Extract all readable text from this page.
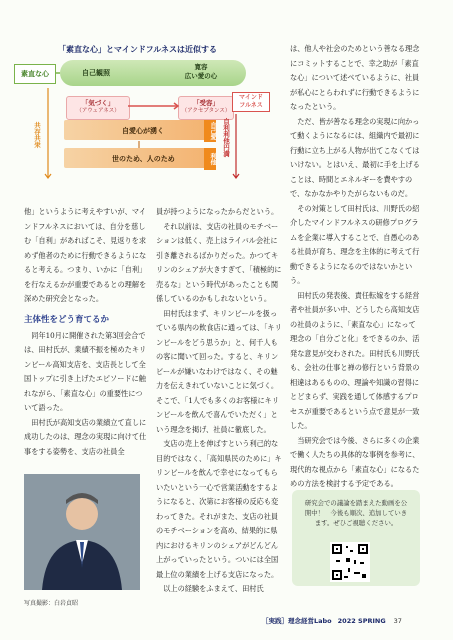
「素直な心」とマインドフルネスは近似する
素直な心	自己観照
寛容
広い愛の心
「気づく」
（アウェアネス）
「受容」
（アクセプタンス）
マインド
フルネス
自愛心が湧く	自己愛
世のため、人のため	利他
共存共栄	自利利他円満

は、他人や社会のためという善なる理念にコミットすることで、幸之助が「素直な心」について述べているように、社員が私心にとらわれずに行動できるようになったという。

ただ、皆が善なる理念の実現に向かって動くようになるには、組織内で最初に行動に立ち上がる人物が出てこなくてはいけない。とはいえ、最初に手を上げることは、時間とエネルギーを費やすので、なかなかやりたがらないものだ。

その対策として田村氏は、川野氏の紹介したマインドフルネスの研修プログラムを企業に導入することで、自愚心のある社員が育ち、理念を主体的に考えて行動できるようになるのではないかという。

田村氏の発表後、責任転嫁をする経営者や社員が多い中、どうしたら高知支店の社員のように、「素直な心」になって理念の「自分ごと化」をできるのか、活発な意見が交わされた。田村氏も川野氏も、会社の仕事と禅の修行という背景の相違はあるものの、理論や知識の習得にとどまらず、実践を通して体感するプロセスが重要であるという点で意見が一致した。

当研究会では今後、さらに多くの企業で働く人たちの具体的な事例を参考に、現代的な視点から「素直な心」になるための方法を検討する予定である。

他」というように考えやすいが、マインドフルネスにおいては、自分を慈しむ「自利」があればこそ、見返りを求めず他者のために行動できるようになると考える。つまり、いかに「自利」を行なえるかが重要であるとの理解を深めた研究会となった。

主体性をどう育てるか

同年10月に開催された第3回会合では、田村氏が、業績不振を極めたキリンビール高知支店を、支店長として全国トップに引き上げたエピソードに触れながら、「素直な心」の重要性について語った。

田村氏が高知支店の業績立て直しに成功したのは、理念の実現に向けて仕事をする姿勢を、支店の社員全

員が持つようになったからだという。

それ以前は、支店の社員のモチベーションは低く、売上はライバル会社に引き離されるばかりだった。かつてキリンのシェアが大きすぎて、「積極的に売るな」という時代があったことも関係しているのかもしれないという。

田村氏はまず、キリンビールを扱っている県内の飲食店に通っては、「キリンビールをどう思うか」と、何千人もの客に聞いて回った。すると、キリンビールが嫌いなわけではなく、その魅力を伝えきれていないことに気づく。そこで、「1人でも多くのお客様にキリンビールを飲んで喜んでいただく」という理念を掲げ、社員に徹底した。

支店の売上を伸ばすという利己的な目的ではなく、「高知県民のために」キリンビールを飲んで幸せになってもらいたいという一心で営業活動をするようになると、次第にお客様の反応も変わってきた。それがまた、支店の社員のモチベーションを高め、結果的に県内におけるキリンのシェアがどんどん上がっていったという。ついには全国最上位の業績を上げる支店になった。

以上の経験をふまえて、田村氏

写真撮影：白岩貞昭
研究会での議論を踏まえた動画を公開中！　今後も順次、追加していきます。ぜひご視聴ください。
［実践］理念経営Labo 2022 SPRING 37
